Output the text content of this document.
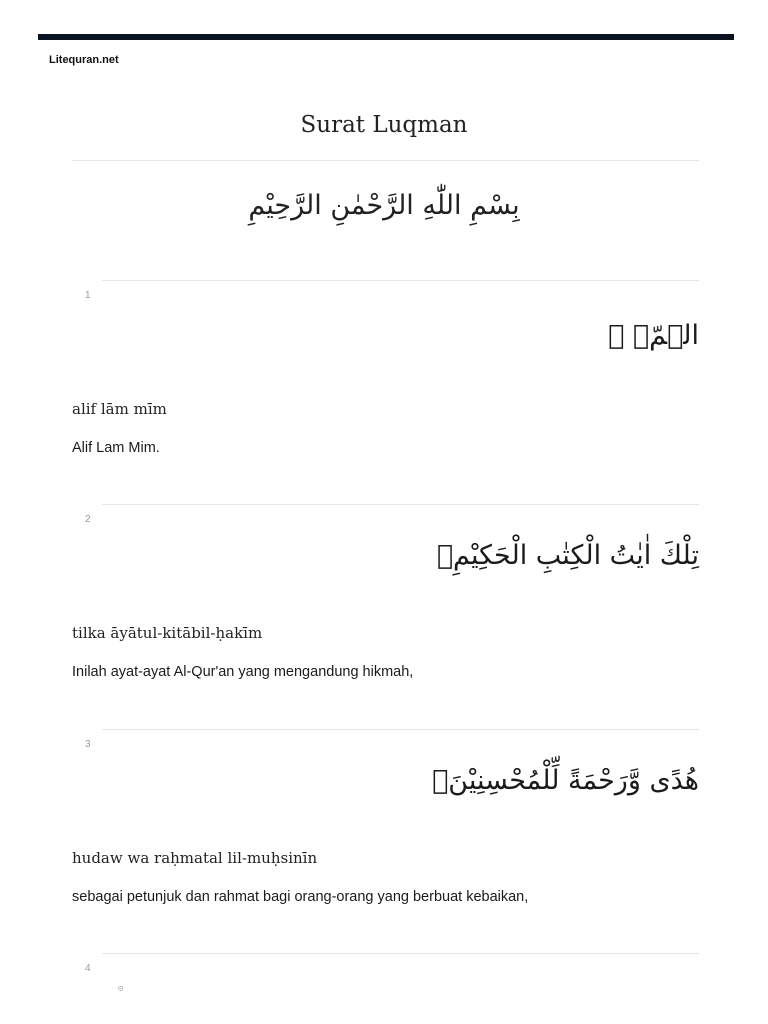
Litequran.net
Surat Luqman
بِسْمِ اللّٰهِ الرَّحْمٰنِ الرَّحِيْمِ
1
الۤمّۤ ۚ
alif lām mīm
Alif Lam Mim.
2
تِلْكَ اٰيٰتُ الْكِتٰبِ الْحَكِيْمِۙ
tilka āyātul-kitābil-ḥakīm
Inilah ayat-ayat Al-Qur'an yang mengandung hikmah,
3
هُدًى وَّرَحْمَةً لِّلْمُحْسِنِيْنَۙ
hudaw wa raḥmatal lil-muḥsinīn
sebagai petunjuk dan rahmat bagi orang-orang yang berbuat kebaikan,
4
۞
